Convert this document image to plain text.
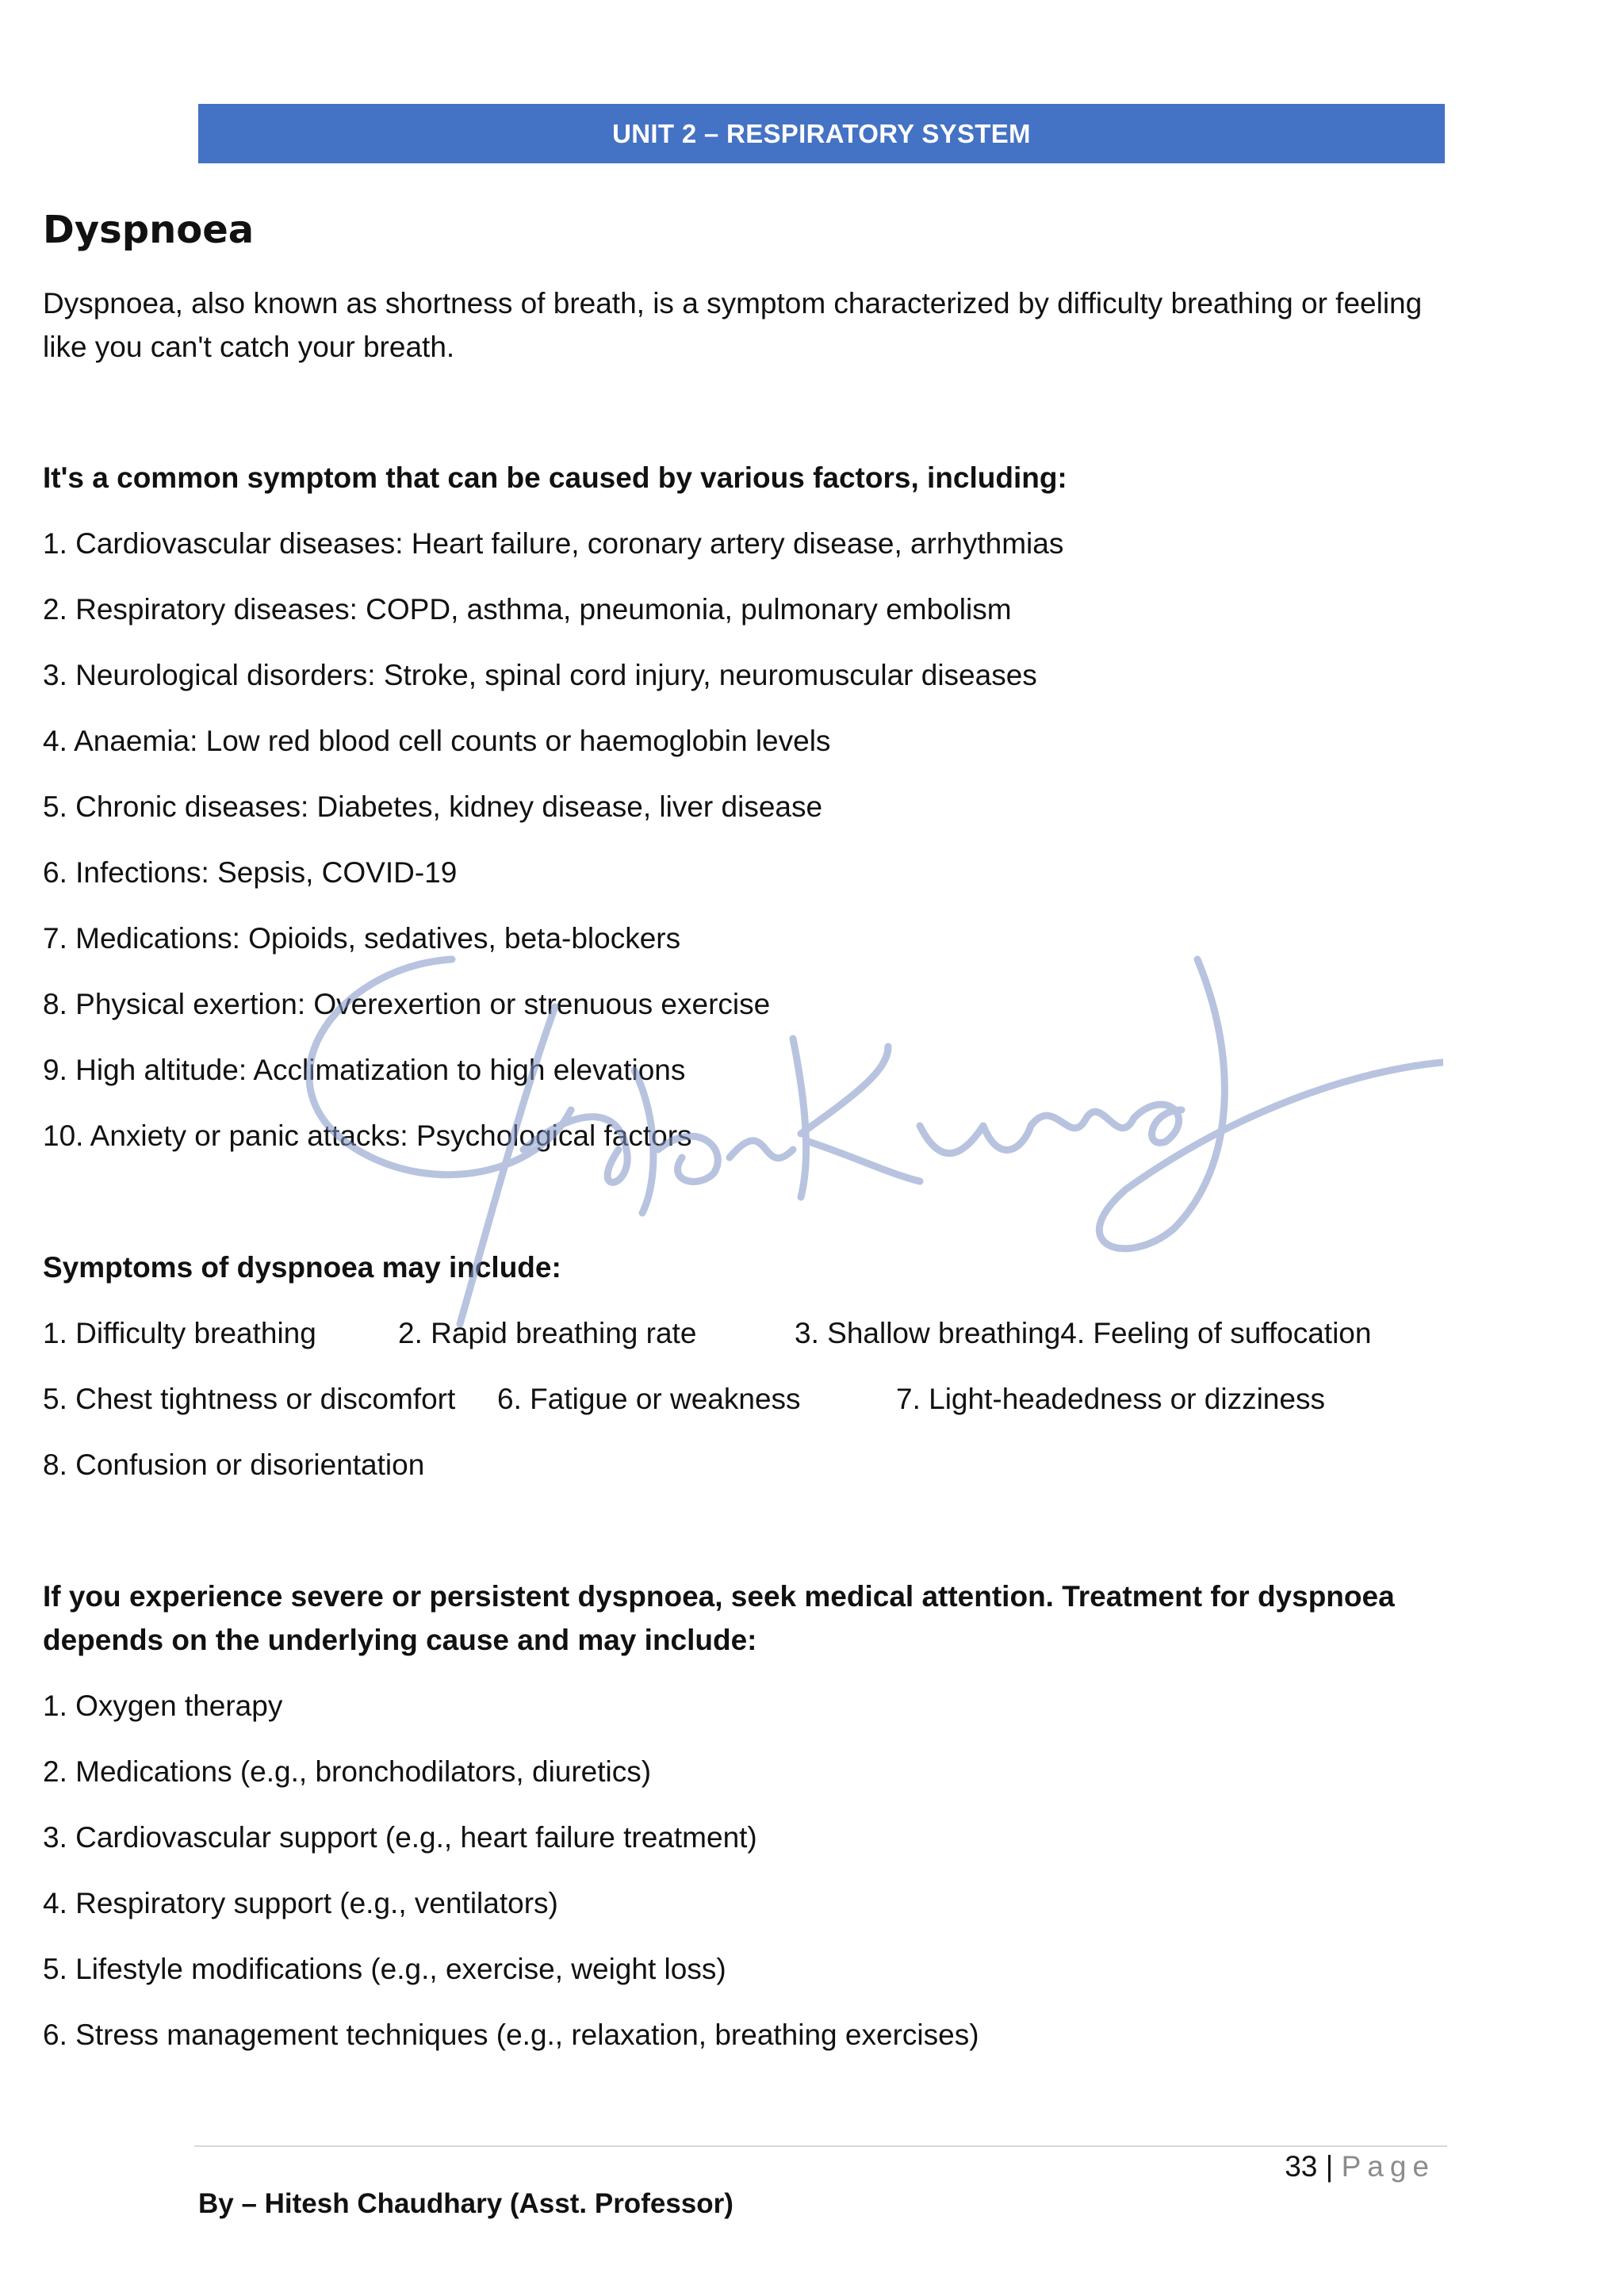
UNIT 2 – RESPIRATORY SYSTEM
Dyspnoea

Dyspnoea, also known as shortness of breath, is a symptom characterized by difficulty breathing or feeling like you can't catch your breath.

It's a common symptom that can be caused by various factors, including:

1. Cardiovascular diseases: Heart failure, coronary artery disease, arrhythmias

2. Respiratory diseases: COPD, asthma, pneumonia, pulmonary embolism

3. Neurological disorders: Stroke, spinal cord injury, neuromuscular diseases

4. Anaemia: Low red blood cell counts or haemoglobin levels

5. Chronic diseases: Diabetes, kidney disease, liver disease

6. Infections: Sepsis, COVID-19

7. Medications: Opioids, sedatives, beta-blockers

8. Physical exertion: Overexertion or strenuous exercise

9. High altitude: Acclimatization to high elevations

10. Anxiety or panic attacks: Psychological factors

Symptoms of dyspnoea may include:

1. Difficulty breathing	2. Rapid breathing rate	3. Shallow breathing 4. Feeling of suffocation
5. Chest tightness or discomfort	6. Fatigue or weakness	7. Light-headedness or dizziness
8. Confusion or disorientation

If you experience severe or persistent dyspnoea, seek medical attention. Treatment for dyspnoea depends on the underlying cause and may include:

1. Oxygen therapy

2. Medications (e.g., bronchodilators, diuretics)

3. Cardiovascular support (e.g., heart failure treatment)

4. Respiratory support (e.g., ventilators)

5. Lifestyle modifications (e.g., exercise, weight loss)

6. Stress management techniques (e.g., relaxation, breathing exercises)

33 | Page
By – Hitesh Chaudhary (Asst. Professor)
